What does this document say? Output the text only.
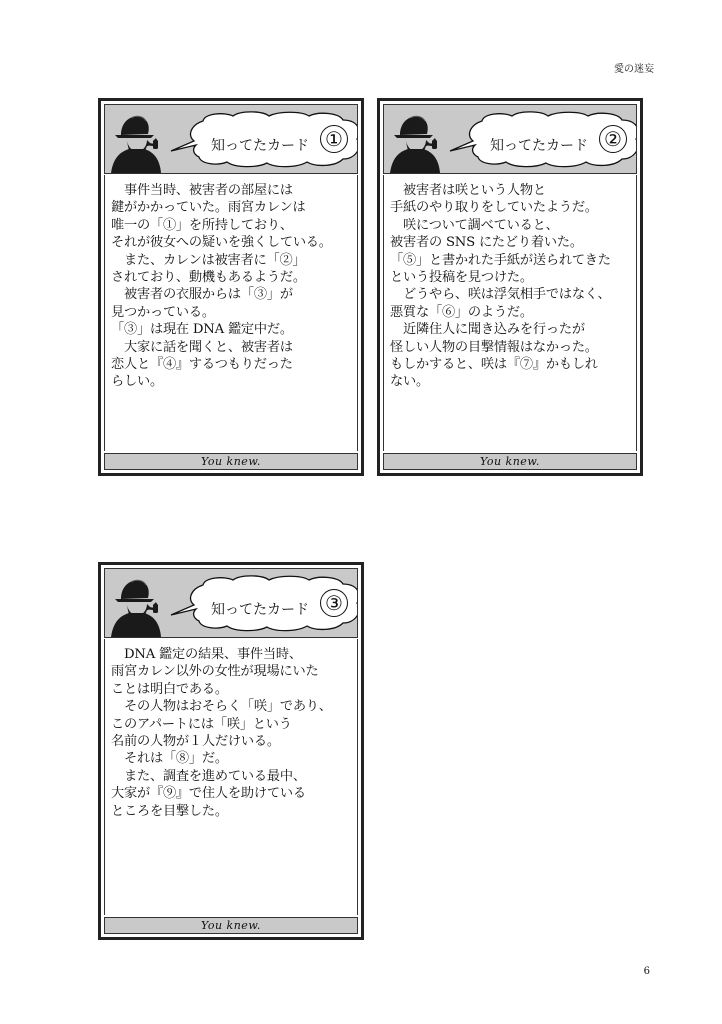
愛の迷妄
知ってたカード ①
　事件当時、被害者の部屋には
鍵がかかっていた。雨宮カレンは
唯一の「①」を所持しており、
それが彼女への疑いを強くしている。
　また、カレンは被害者に「②」
されており、動機もあるようだ。
　被害者の衣服からは「③」が
見つかっている。
「③」は現在 DNA 鑑定中だ。
　大家に話を聞くと、被害者は
恋人と『④』するつもりだった
らしい。
You knew.
知ってたカード ②
　被害者は咲という人物と
手紙のやり取りをしていたようだ。
　咲について調べていると、
被害者の SNS にたどり着いた。
「⑤」と書かれた手紙が送られてきた
という投稿を見つけた。
　どうやら、咲は浮気相手ではなく、
悪質な「⑥」のようだ。
　近隣住人に聞き込みを行ったが
怪しい人物の目撃情報はなかった。
もしかすると、咲は『⑦』かもしれ
ない。
You knew.
知ってたカード ③
　DNA 鑑定の結果、事件当時、
雨宮カレン以外の女性が現場にいた
ことは明白である。
　その人物はおそらく「咲」であり、
このアパートには「咲」という
名前の人物が１人だけいる。
　それは「⑧」だ。
　また、調査を進めている最中、
大家が『⑨』で住人を助けている
ところを目撃した。
You knew.
6
